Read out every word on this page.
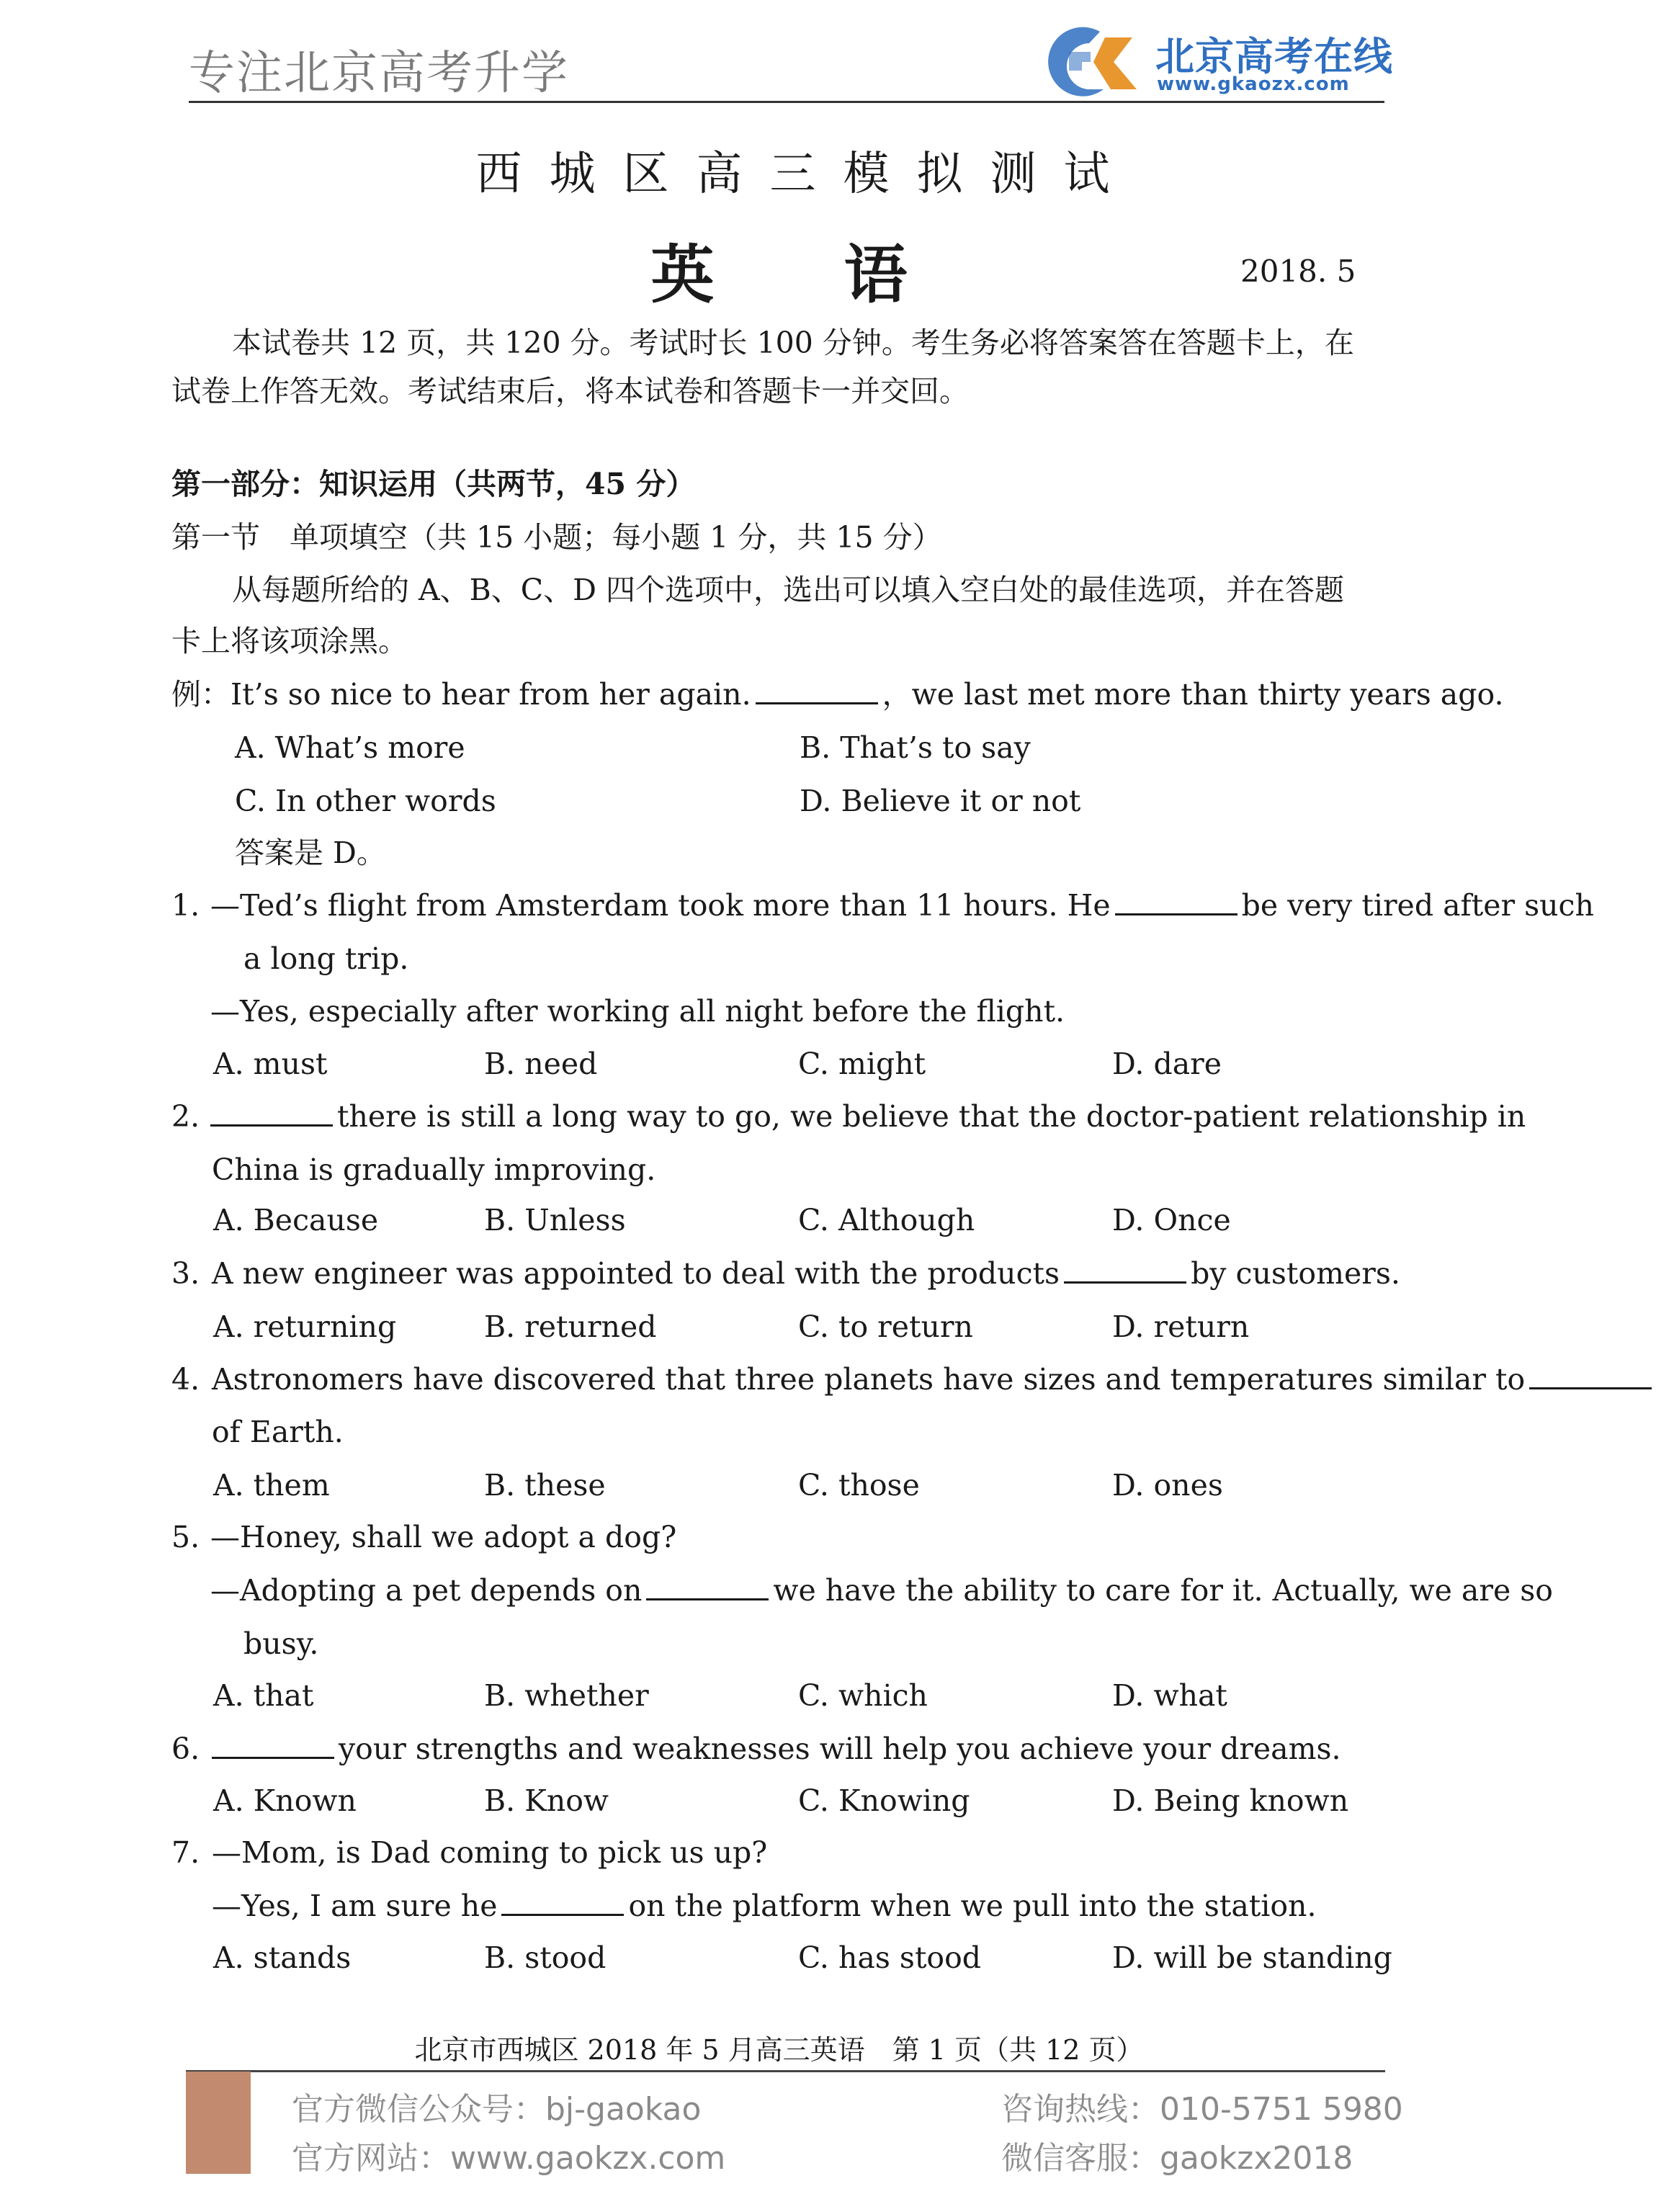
专注北京高考升学	北京高考在线
www.gkaozx.com
西城区高三模拟测试
英 语	2018. 5
本试卷共 12 页，共 120 分。考试时长 100 分钟。考生务必将答案答在答题卡上，在
试卷上作答无效。考试结束后，将本试卷和答题卡一并交回。
第一部分：知识运用（共两节，45 分）
第一节　单项填空（共 15 小题；每小题 1 分，共 15 分）
从每题所给的 A、B、C、D 四个选项中，选出可以填入空白处的最佳选项，并在答题
卡上将该项涂黑。
例：It’s so nice to hear from her again.	，we last met more than thirty years ago.
A. What’s more	B. That’s to say
C. In other words	D. Believe it or not
答案是 D。
1. —Ted’s flight from Amsterdam took more than 11 hours. He	be very tired after such
a long trip.
—Yes, especially after working all night before the flight.
A. must	B. need	C. might	D. dare
2.	there is still a long way to go, we believe that the doctor-patient relationship in
China is gradually improving.
A. Because	B. Unless	C. Although	D. Once
3. A new engineer was appointed to deal with the products	by customers.
A. returning	B. returned	C. to return	D. return
4. Astronomers have discovered that three planets have sizes and temperatures similar to
of Earth.
A. them	B. these	C. those	D. ones
5. —Honey, shall we adopt a dog?
—Adopting a pet depends on	we have the ability to care for it. Actually, we are so
busy.
A. that	B. whether	C. which	D. what
6.	your strengths and weaknesses will help you achieve your dreams.
A. Known	B. Know	C. Knowing	D. Being known
7. —Mom, is Dad coming to pick us up?
—Yes, I am sure he	on the platform when we pull into the station.
A. stands	B. stood	C. has stood	D. will be standing
北京市西城区 2018 年 5 月高三英语　第 1 页（共 12 页）
官方微信公众号：bj-gaokao
官方网站：www.gaokzx.com
咨询热线：010-5751 5980
微信客服：gaokzx2018
